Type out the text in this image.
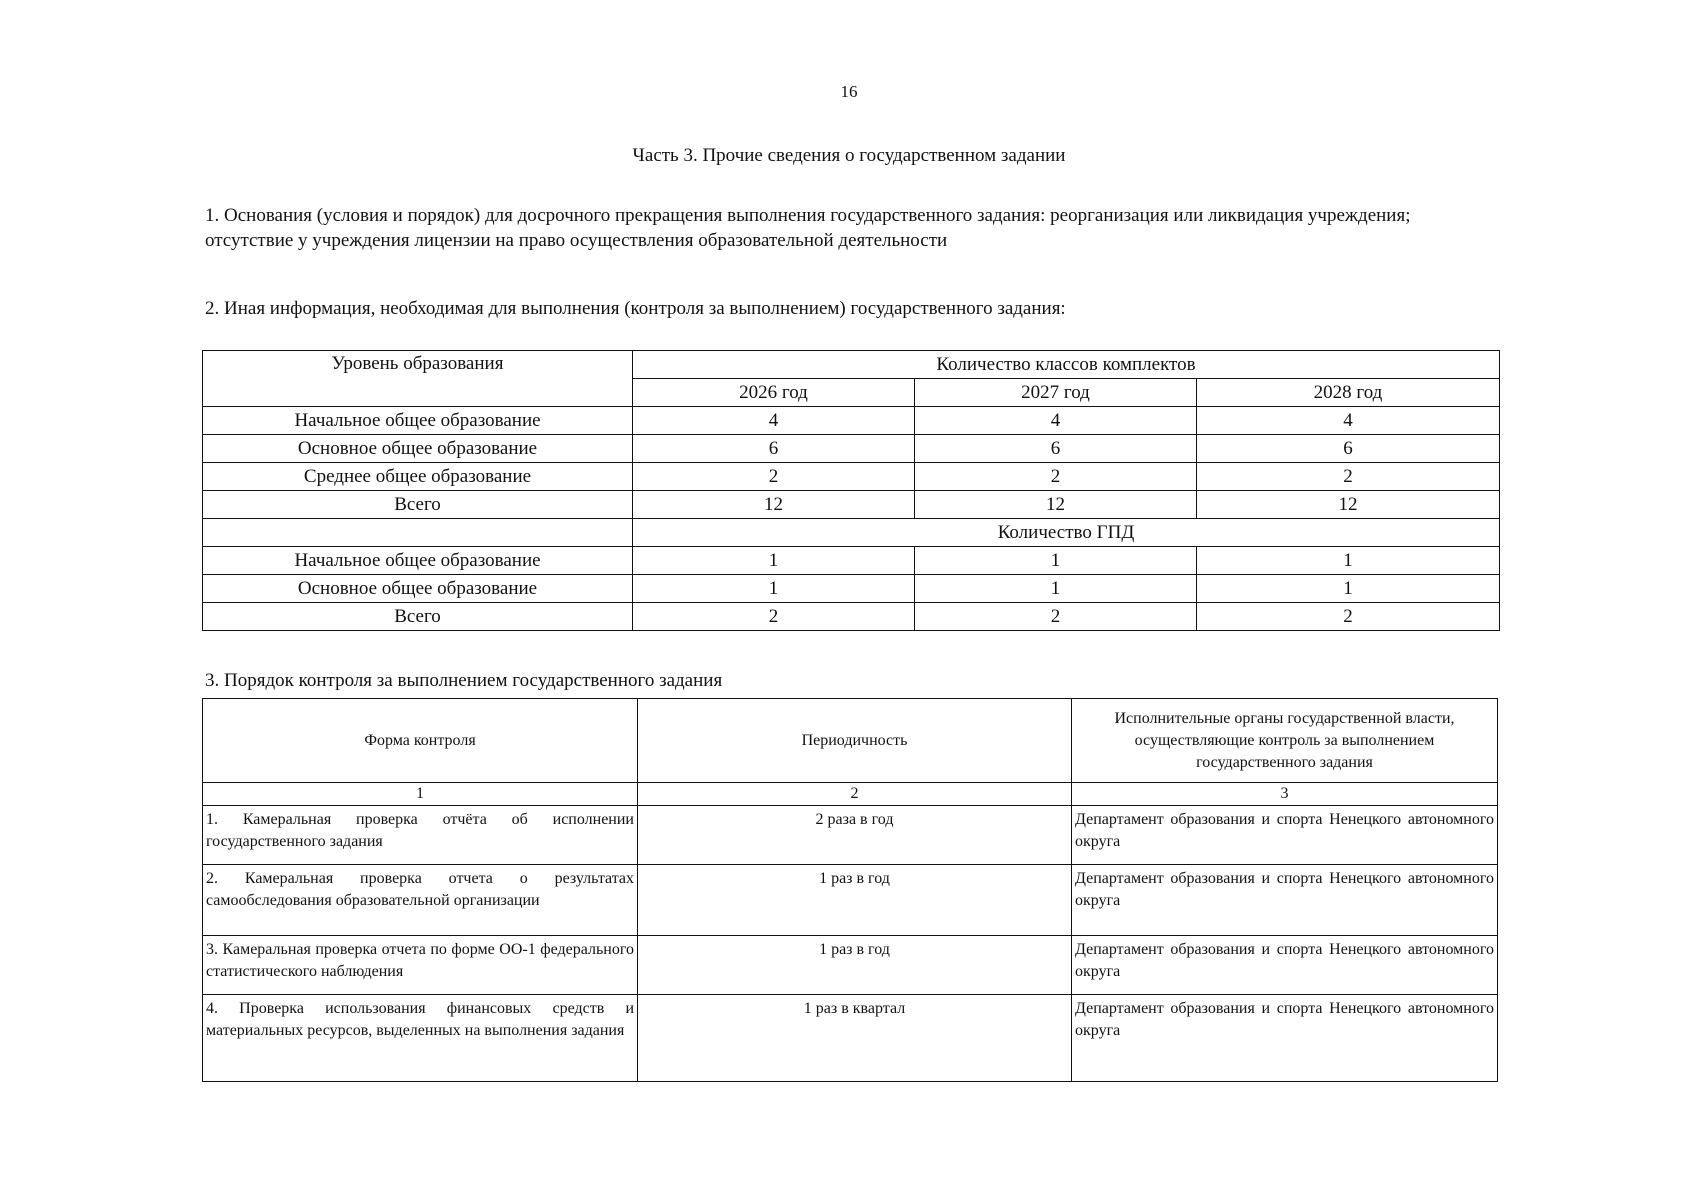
16
Часть 3. Прочие сведения о государственном задании
1. Основания (условия и порядок) для досрочного прекращения выполнения государственного задания: реорганизация или ликвидация учреждения; отсутствие у учреждения лицензии на право осуществления образовательной деятельности
2. Иная информация, необходимая для выполнения (контроля за выполнением) государственного задания:
Уровень образования	Количество классов комплектов		
	2026 год	2027 год	2028 год
Начальное общее образование	4	4	4
Основное общее образование	6	6	6
Среднее общее образование	2	2	2
Всего	12	12	12
	Количество ГПД		
Начальное общее образование	1	1	1
Основное общее образование	1	1	1
Всего	2	2	2
3. Порядок контроля за выполнением государственного задания
Форма контроля	Периодичность	Исполнительные органы государственной власти, осуществляющие контроль за выполнением государственного задания
1	2	3
1. Камеральная проверка отчёта об исполнении государственного задания	2 раза в год	Департамент образования и спорта Ненецкого автономного округа
2. Камеральная проверка отчета о результатах самообследования образовательной организации	1 раз в год	Департамент образования и спорта Ненецкого автономного округа
3. Камеральная проверка отчета по форме ОО-1 федерального статистического наблюдения	1 раз в год	Департамент образования и спорта Ненецкого автономного округа
4. Проверка использования финансовых средств и материальных ресурсов, выделенных на выполнения задания	1 раз в квартал	Департамент образования и спорта Ненецкого автономного округа
